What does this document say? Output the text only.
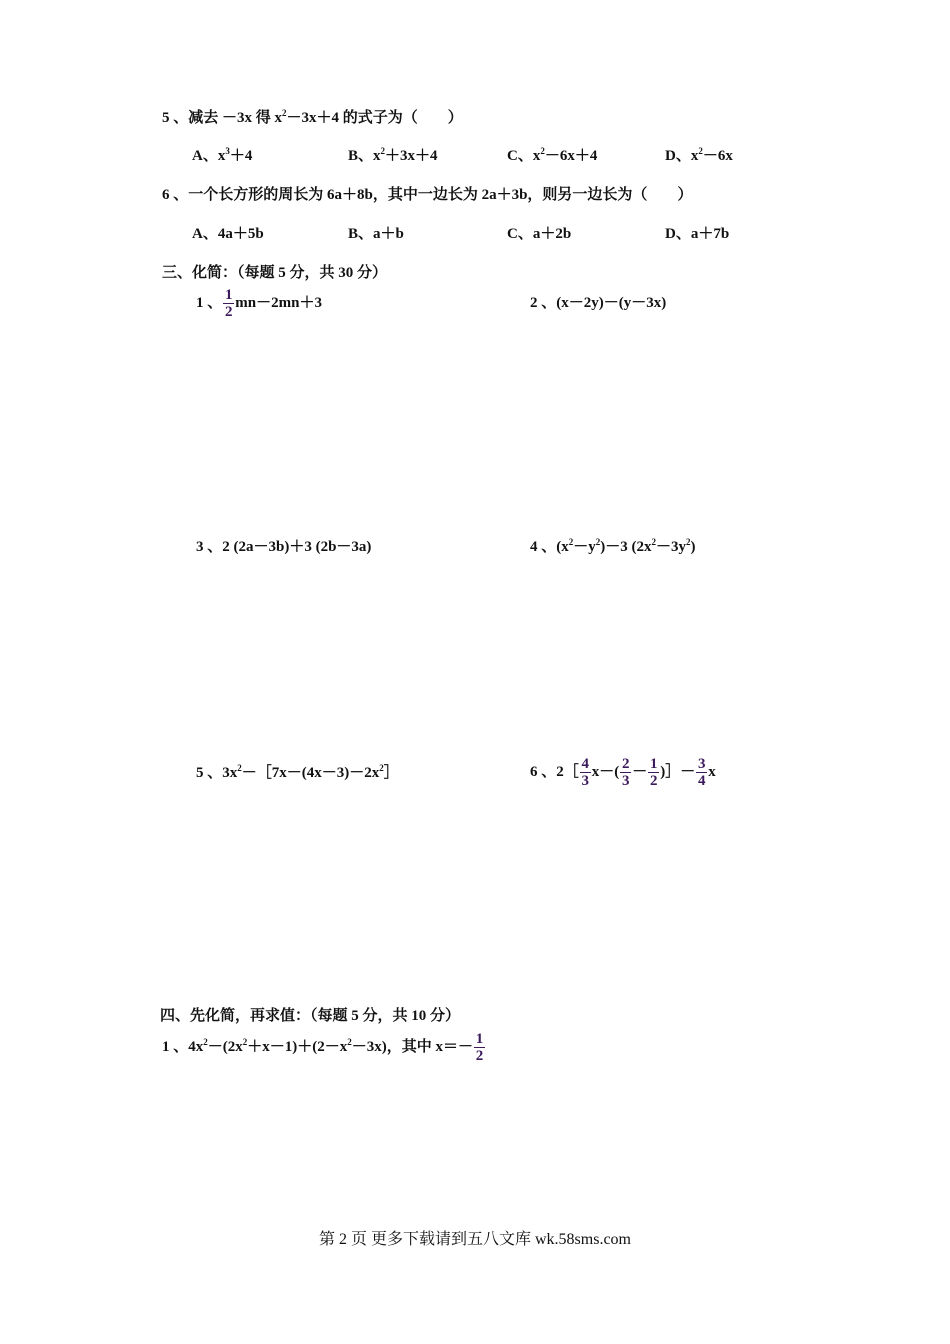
5 、减去 －3x 得 $x^2-3x+4$ 的式子为（　　）
A、$x^3+4$	B、$x^2+3x+4$	C、$x^2-6x+4$	D、$x^2-6x$
6 、一个长方形的周长为 6a＋8b，其中一边长为 2a＋3b，则另一边长为（　　）
A、4a＋5b	B、a＋b	C、a＋2b	D、a＋7b
三、化简：（每题 5 分，共 30 分）
1 、 $\frac{1}{2} mn-2mn+3$	2 、(x－2y)－(y－3x)
3 、2 (2a－3b)＋3 (2b－3a)	4 、$(x^2-y^2)-3$ $(2x^2-3y^2)$
5 、$3x^2-[7x-(4x-3)-2x^2]$	6 、2［ $\frac{4}{3} x-( \frac{2}{3} - \frac{1}{2}$ )］－ $\frac{3}{4}$ x
四、先化简，再求值：（每题 5 分，共 10 分）
1 、$4x^2-(2x^2+x-1)+(2-x^2-3x)$，其中 $x=- \frac{1}{2}$
第 2 页 更多下载请到五八文库 wk.58sms.com
